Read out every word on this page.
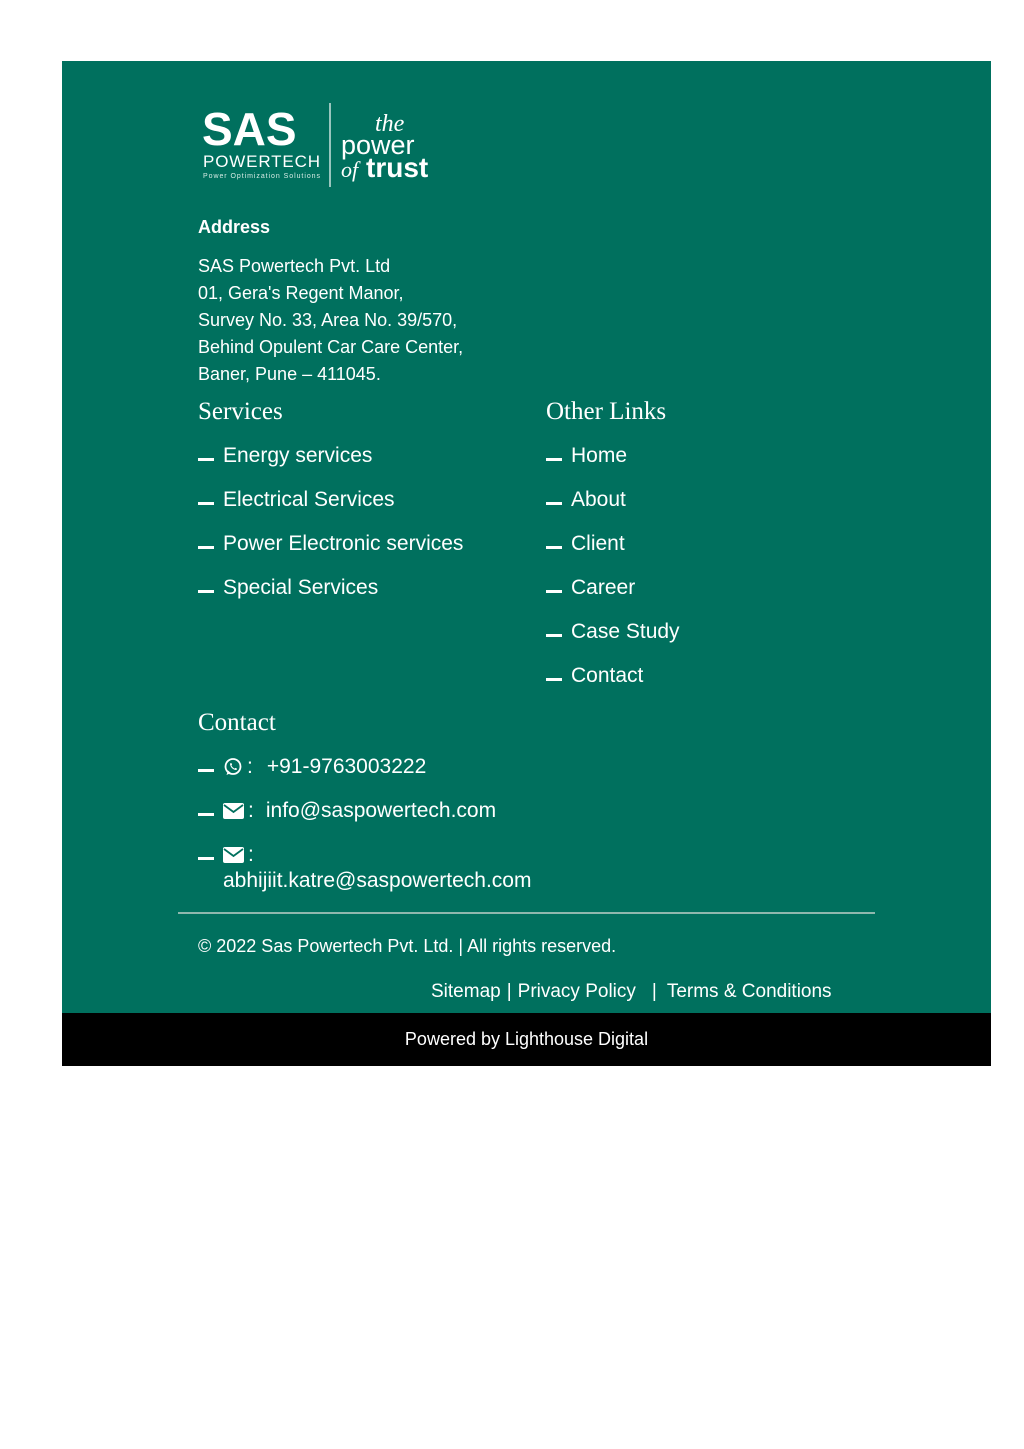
SAS
POWERTECH
Power Optimization Solutions
the
power
of trust
Address
SAS Powertech Pvt. Ltd
01, Gera's Regent Manor,
Survey No. 33, Area No. 39/570,
Behind Opulent Car Care Center,
Baner, Pune – 411045.
Services
Energy services
Electrical Services
Power Electronic services
Special Services
Other Links
Home
About
Client
Career
Case Study
Contact
Contact
: +91-9763003222
: info@saspowertech.com
:
abhijiit.katre@saspowertech.com
© 2022 Sas Powertech Pvt. Ltd. | All rights reserved.
Sitemap | Privacy Policy | Terms & Conditions
Powered by Lighthouse Digital
